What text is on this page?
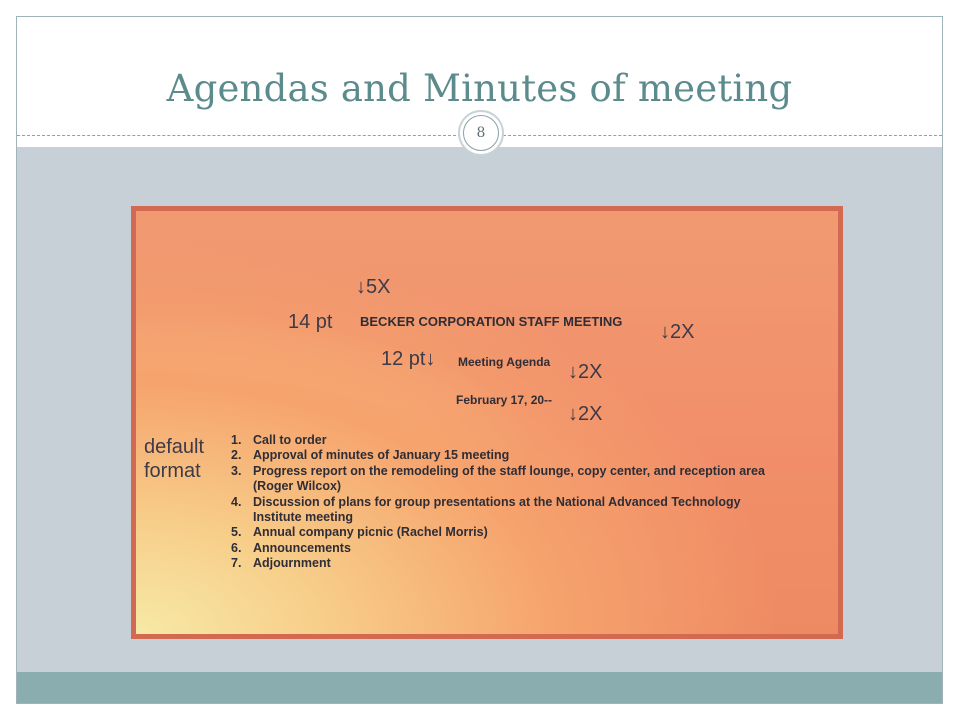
Agendas and Minutes of meeting
8
↓5X
14 pt BECKER CORPORATION STAFF MEETING ↓2X
12 pt↓ Meeting Agenda ↓2X
February 17, 20--
↓2X
default
format
1. Call to order
2. Approval of minutes of January 15 meeting
3. Progress report on the remodeling of the staff lounge, copy center, and reception area
(Roger Wilcox)
4. Discussion of plans for group presentations at the National Advanced Technology
Institute meeting
5. Annual company picnic (Rachel Morris)
6. Announcements
7. Adjournment
